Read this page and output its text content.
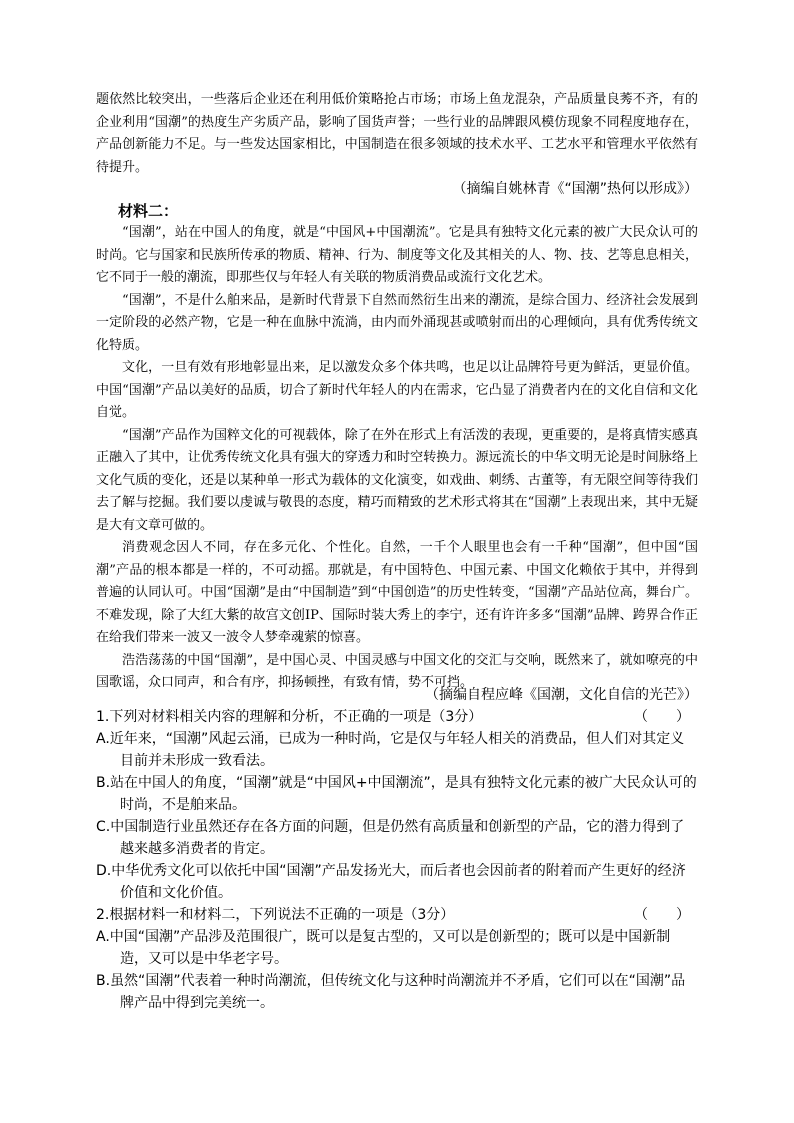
题依然比较突出，一些落后企业还在利用低价策略抢占市场；市场上鱼龙混杂，产品质量良莠不齐，有的企业利用“国潮”的热度生产劣质产品，影响了国货声誉；一些行业的品牌跟风模仿现象不同程度地存在，产品创新能力不足。与一些发达国家相比，中国制造在很多领域的技术水平、工艺水平和管理水平依然有待提升。

（摘编自姚林青《“国潮”热何以形成》）
材料二：

“国潮”，站在中国人的角度，就是“中国风+中国潮流”。它是具有独特文化元素的被广大民众认可的时尚。它与国家和民族所传承的物质、精神、行为、制度等文化及其相关的人、物、技、艺等息息相关，它不同于一般的潮流，即那些仅与年轻人有关联的物质消费品或流行文化艺术。

“国潮”，不是什么舶来品，是新时代背景下自然而然衍生出来的潮流，是综合国力、经济社会发展到一定阶段的必然产物，它是一种在血脉中流淌，由内而外涌现甚或喷射而出的心理倾向，具有优秀传统文化特质。

文化，一旦有效有形地彰显出来，足以激发众多个体共鸣，也足以让品牌符号更为鲜活，更显价值。中国“国潮”产品以美好的品质，切合了新时代年轻人的内在需求，它凸显了消费者内在的文化自信和文化自觉。

“国潮”产品作为国粹文化的可视载体，除了在外在形式上有活泼的表现，更重要的，是将真情实感真正融入了其中，让优秀传统文化具有强大的穿透力和时空转换力。源远流长的中华文明无论是时间脉络上文化气质的变化，还是以某种单一形式为载体的文化演变，如戏曲、刺绣、古董等，有无限空间等待我们去了解与挖掘。我们要以虔诚与敬畏的态度，精巧而精致的艺术形式将其在“国潮”上表现出来，其中无疑是大有文章可做的。

消费观念因人不同，存在多元化、个性化。自然，一千个人眼里也会有一千种“国潮”，但中国“国潮”产品的根本都是一样的，不可动摇。那就是，有中国特色、中国元素、中国文化赖依于其中，并得到普遍的认同认可。中国“国潮”是由“中国制造”到“中国创造”的历史性转变，“国潮”产品站位高，舞台广。不难发现，除了大红大紫的故宫文创IP、国际时装大秀上的李宁，还有许许多多“国潮”品牌、跨界合作正在给我们带来一波又一波令人梦牵魂萦的惊喜。

浩浩荡荡的中国“国潮”，是中国心灵、中国灵感与中国文化的交汇与交响，既然来了，就如嘹亮的中国歌谣，众口同声，和合有序，抑扬顿挫，有致有情，势不可挡。

（摘编自程应峰《国潮，文化自信的光芒》）
1.下列对材料相关内容的理解和分析，不正确的一项是（3分）	（　　）
A.近年来，“国潮”风起云涌，已成为一种时尚，它是仅与年轻人相关的消费品，但人们对其定义目前并未形成一致看法。
B.站在中国人的角度，“国潮”就是“中国风+中国潮流”，是具有独特文化元素的被广大民众认可的时尚，不是舶来品。
C.中国制造行业虽然还存在各方面的问题，但是仍然有高质量和创新型的产品，它的潜力得到了越来越多消费者的肯定。
D.中华优秀文化可以依托中国“国潮”产品发扬光大，而后者也会因前者的附着而产生更好的经济价值和文化价值。
2.根据材料一和材料二，下列说法不正确的一项是（3分）	（　　）
A.中国“国潮”产品涉及范围很广，既可以是复古型的，又可以是创新型的；既可以是中国新制造，又可以是中华老字号。
B.虽然“国潮”代表着一种时尚潮流，但传统文化与这种时尚潮流并不矛盾，它们可以在“国潮”品牌产品中得到完美统一。
